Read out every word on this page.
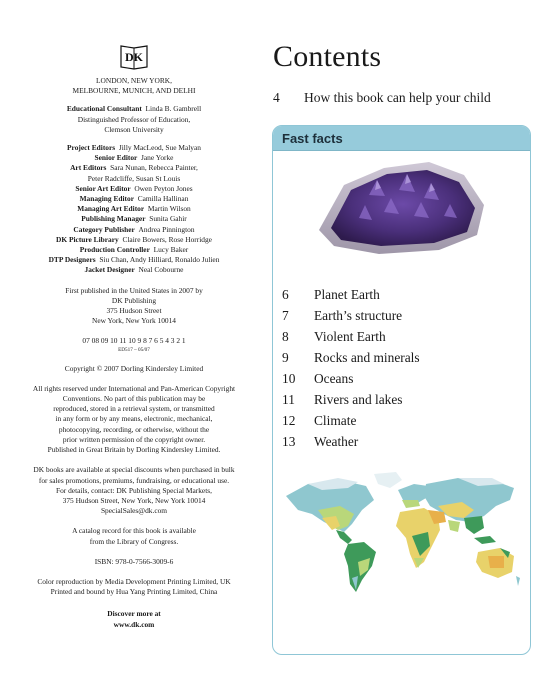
DK
LONDON, NEW YORK,
MELBOURNE, MUNICH, AND DELHI
Educational Consultant Linda B. Gambrell
Distinguished Professor of Education,
Clemson University
Project Editors Jilly MacLeod, Sue Malyan
Senior Editor Jane Yorke
Art Editors Sara Nunan, Rebecca Painter,
Peter Radcliffe, Susan St Louis
Senior Art Editor Owen Peyton Jones
Managing Editor Camilla Hallinan
Managing Art Editor Martin Wilson
Publishing Manager Sunita Gahir
Category Publisher Andrea Pinnington
DK Picture Library Claire Bowers, Rose Horridge
Production Controller Lucy Baker
DTP Designers Siu Chan, Andy Hilliard, Ronaldo Julien
Jacket Designer Neal Cobourne
First published in the United States in 2007 by
DK Publishing
375 Hudson Street
New York, New York 10014
07 08 09 10 11 10 9 8 7 6 5 4 3 2 1
ED517 – 05/07
Copyright © 2007 Dorling Kindersley Limited
All rights reserved under International and Pan-American Copyright
Conventions. No part of this publication may be
reproduced, stored in a retrieval system, or transmitted
in any form or by any means, electronic, mechanical,
photocopying, recording, or otherwise, without the
prior written permission of the copyright owner.
Published in Great Britain by Dorling Kindersley Limited.
DK books are available at special discounts when purchased in bulk
for sales promotions, premiums, fundraising, or educational use.
For details, contact: DK Publishing Special Markets,
375 Hudson Street, New York, New York 10014
SpecialSales@dk.com
A catalog record for this book is available
from the Library of Congress.
ISBN: 978-0-7566-3009-6
Color reproduction by Media Development Printing Limited, UK
Printed and bound by Hua Yang Printing Limited, China
Discover more at
www.dk.com
Contents
4 How this book can help your child
Fast facts
6 Planet Earth
7 Earth’s structure
8 Violent Earth
9 Rocks and minerals
10 Oceans
11 Rivers and lakes
12 Climate
13 Weather
